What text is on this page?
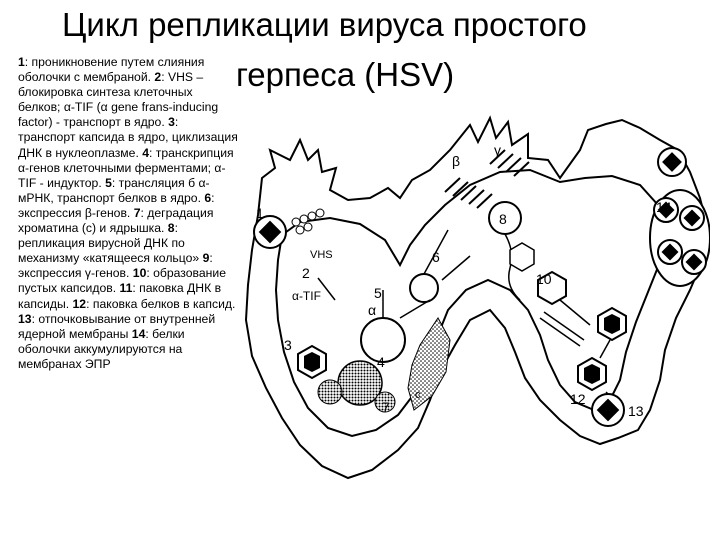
Цикл репликации вируса простого
герпеса (HSV)
1: проникновение путем слияния оболочки с мембраной. 2: VHS – блокировка синтеза клеточных белков; α-TIF (α gene frans-inducing factor) - транспорт в ядро. 3: транспорт капсида в ядро, циклизация ДНК в нуклеоплазме. 4: транскрипция α-генов клеточными ферментами; α-TIF - индуктор. 5: трансляция б α-мРНК, транспорт белков в ядро. 6: экспрессия β-генов. 7: деградация хроматина (с) и ядрышка. 8: репликация вирусной ДНК по механизму «катящееся кольцо» 9: экспрессия γ-генов. 10: образование пустых капсидов. 11: паковка ДНК в капсиды. 12: паковка белков в капсид. 13: отпочковывание от внутренней ядерной мембраны 14: белки оболочки аккумулируются на мембранах ЭПР
1
2
3
4
5
6
7
8
10
12
13
14
VHS
α-TIF
α
β
γ
c
